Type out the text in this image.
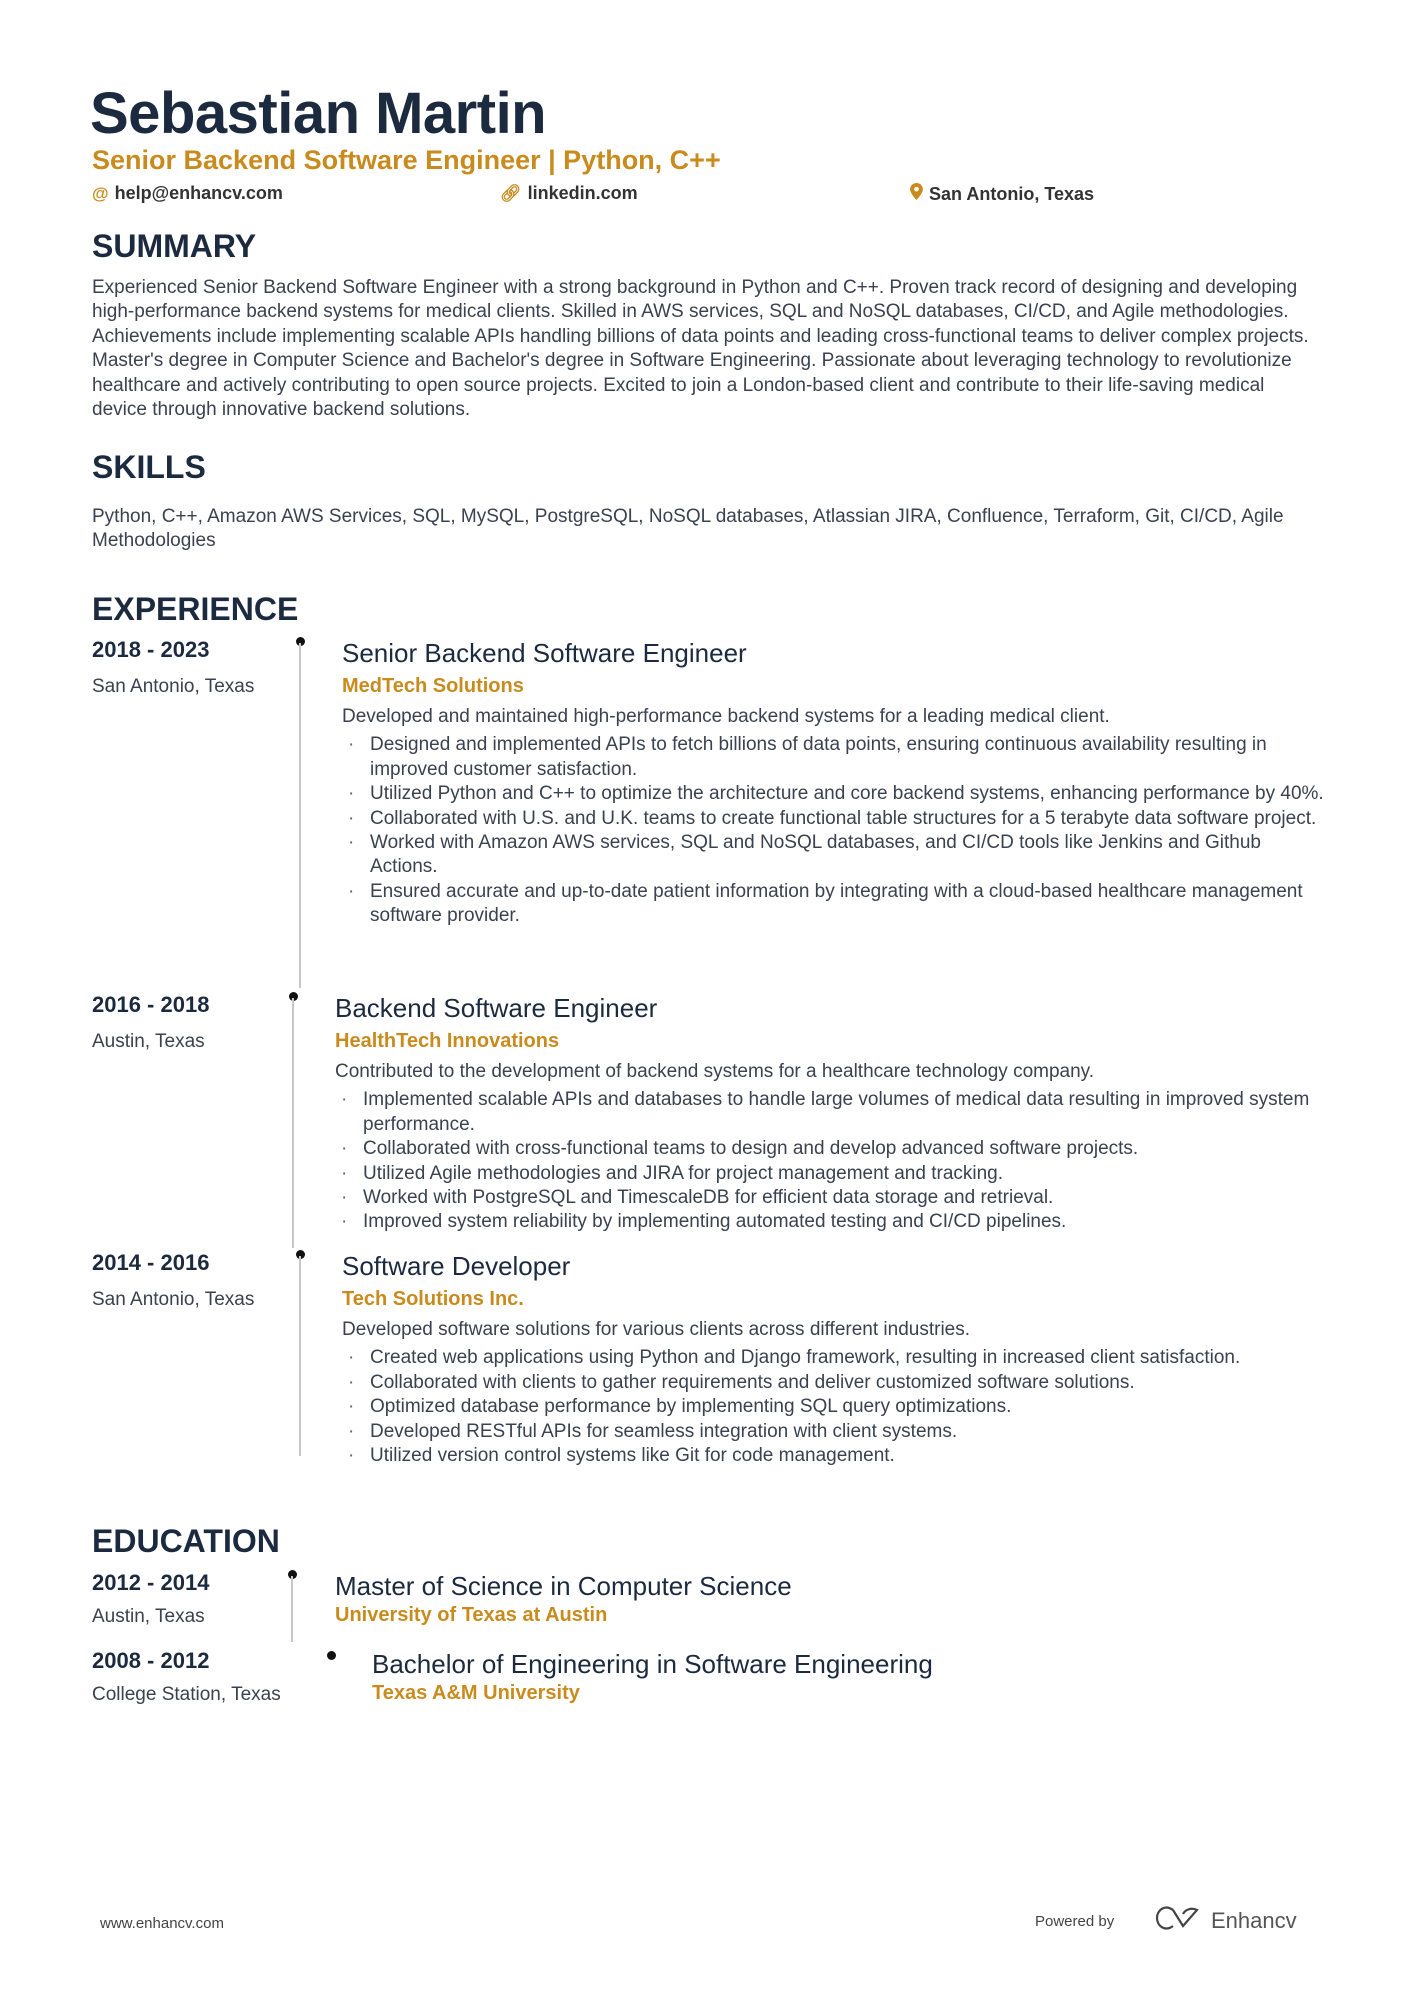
Sebastian Martin
Senior Backend Software Engineer | Python, C++
@ help@enhancv.com	🔗︎ linkedin.com	San Antonio, Texas
SUMMARY
Experienced Senior Backend Software Engineer with a strong background in Python and C++. Proven track record of designing and developing high-performance backend systems for medical clients. Skilled in AWS services, SQL and NoSQL databases, CI/CD, and Agile methodologies. Achievements include implementing scalable APIs handling billions of data points and leading cross-functional teams to deliver complex projects. Master's degree in Computer Science and Bachelor's degree in Software Engineering. Passionate about leveraging technology to revolutionize healthcare and actively contributing to open source projects. Excited to join a London-based client and contribute to their life-saving medical device through innovative backend solutions.
SKILLS
Python, C++, Amazon AWS Services, SQL, MySQL, PostgreSQL, NoSQL databases, Atlassian JIRA, Confluence, Terraform, Git, CI/CD, Agile Methodologies
EXPERIENCE
2018 - 2023
San Antonio, Texas
Senior Backend Software Engineer
MedTech Solutions
Developed and maintained high-performance backend systems for a leading medical client.
· Designed and implemented APIs to fetch billions of data points, ensuring continuous availability resulting in improved customer satisfaction.
· Utilized Python and C++ to optimize the architecture and core backend systems, enhancing performance by 40%.
· Collaborated with U.S. and U.K. teams to create functional table structures for a 5 terabyte data software project.
· Worked with Amazon AWS services, SQL and NoSQL databases, and CI/CD tools like Jenkins and Github Actions.
· Ensured accurate and up-to-date patient information by integrating with a cloud-based healthcare management software provider.
2016 - 2018
Austin, Texas
Backend Software Engineer
HealthTech Innovations
Contributed to the development of backend systems for a healthcare technology company.
· Implemented scalable APIs and databases to handle large volumes of medical data resulting in improved system performance.
· Collaborated with cross-functional teams to design and develop advanced software projects.
· Utilized Agile methodologies and JIRA for project management and tracking.
· Worked with PostgreSQL and TimescaleDB for efficient data storage and retrieval.
· Improved system reliability by implementing automated testing and CI/CD pipelines.
2014 - 2016
San Antonio, Texas
Software Developer
Tech Solutions Inc.
Developed software solutions for various clients across different industries.
· Created web applications using Python and Django framework, resulting in increased client satisfaction.
· Collaborated with clients to gather requirements and deliver customized software solutions.
· Optimized database performance by implementing SQL query optimizations.
· Developed RESTful APIs for seamless integration with client systems.
· Utilized version control systems like Git for code management.
EDUCATION
2012 - 2014
Austin, Texas
Master of Science in Computer Science
University of Texas at Austin
2008 - 2012
College Station, Texas
Bachelor of Engineering in Software Engineering
Texas A&M University
www.enhancv.com	Powered by	Enhancv
